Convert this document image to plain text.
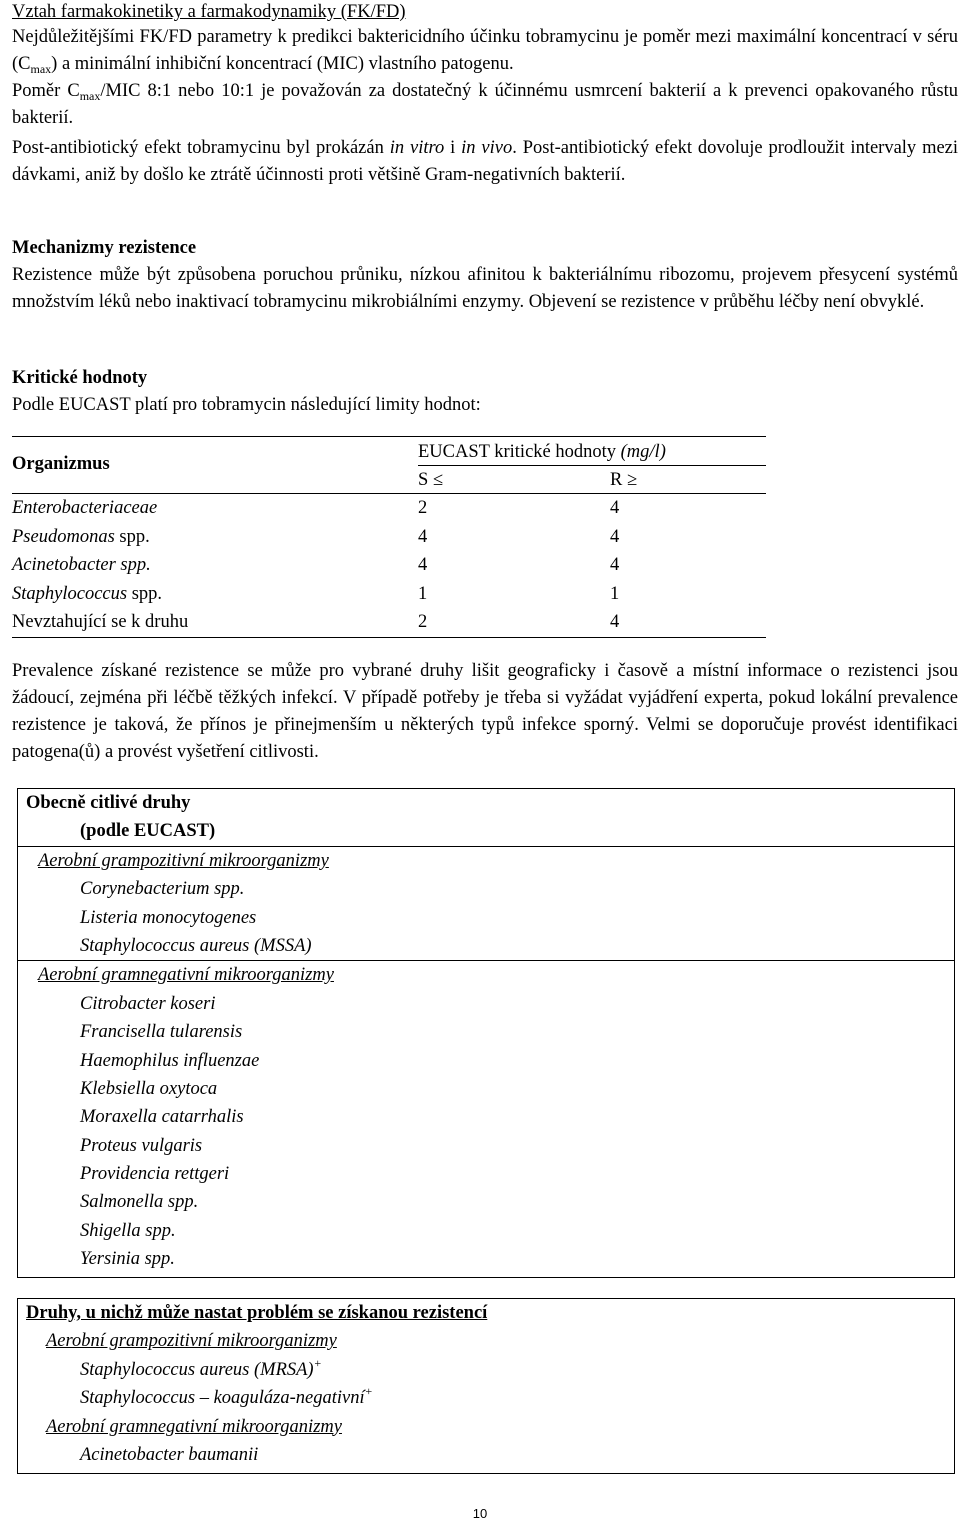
Vztah farmakokinetiky a farmakodynamiky (FK/FD)

Nejdůležitějšími FK/FD parametry k predikci baktericidního účinku tobramycinu je poměr mezi maximální koncentrací v séru $(C_{max})$ a minimální inhibiční koncentrací (MIC) vlastního patogenu.

Poměr $C_{max}$/MIC 8:1 nebo 10:1 je považován za dostatečný k účinnému usmrcení bakterií a k prevenci opakovaného růstu bakterií.

Post-antibiotický efekt tobramycinu byl prokázán in vitro i in vivo. Post-antibiotický efekt dovoluje prodloužit intervaly mezi dávkami, aniž by došlo ke ztrátě účinnosti proti většině Gram-negativních bakterií.

Mechanizmy rezistence

Rezistence může být způsobena poruchou průniku, nízkou afinitou k bakteriálnímu ribozomu, projevem přesycení systémů množstvím léků nebo inaktivací tobramycinu mikrobiálními enzymy. Objevení se rezistence v průběhu léčby není obvyklé.

Kritické hodnoty

Podle EUCAST platí pro tobramycin následující limity hodnot:

Organizmus
EUCAST kritické hodnoty (mg/l)
S ≤	R ≥
Enterobacteriaceae	2	4
Pseudomonas spp.	4	4
Acinetobacter spp.	4	4
Staphylococcus spp.	1	1
Nevztahující se k druhu	2	4

Prevalence získané rezistence se může pro vybrané druhy lišit geograficky i časově a místní informace o rezistenci jsou žádoucí, zejména při léčbě těžkých infekcí. V případě potřeby je třeba si vyžádat vyjádření experta, pokud lokální prevalence rezistence je taková, že přínos je přinejmenším u některých typů infekce sporný. Velmi se doporučuje provést identifikaci patogena(ů) a provést vyšetření citlivosti.

Obecně citlivé druhy
(podle EUCAST)
Aerobní grampozitivní mikroorganizmy
Corynebacterium spp.
Listeria monocytogenes
Staphylococcus aureus (MSSA)
Aerobní gramnegativní mikroorganizmy
Citrobacter koseri
Francisella tularensis
Haemophilus influenzae
Klebsiella oxytoca
Moraxella catarrhalis
Proteus vulgaris
Providencia rettgeri
Salmonella spp.
Shigella spp.
Yersinia spp.
Druhy, u nichž může nastat problém se získanou rezistencí
Aerobní grampozitivní mikroorganizmy
Staphylococcus aureus (MRSA)+
Staphylococcus – koaguláza-negativní+
Aerobní gramnegativní mikroorganizmy
Acinetobacter baumanii
10
